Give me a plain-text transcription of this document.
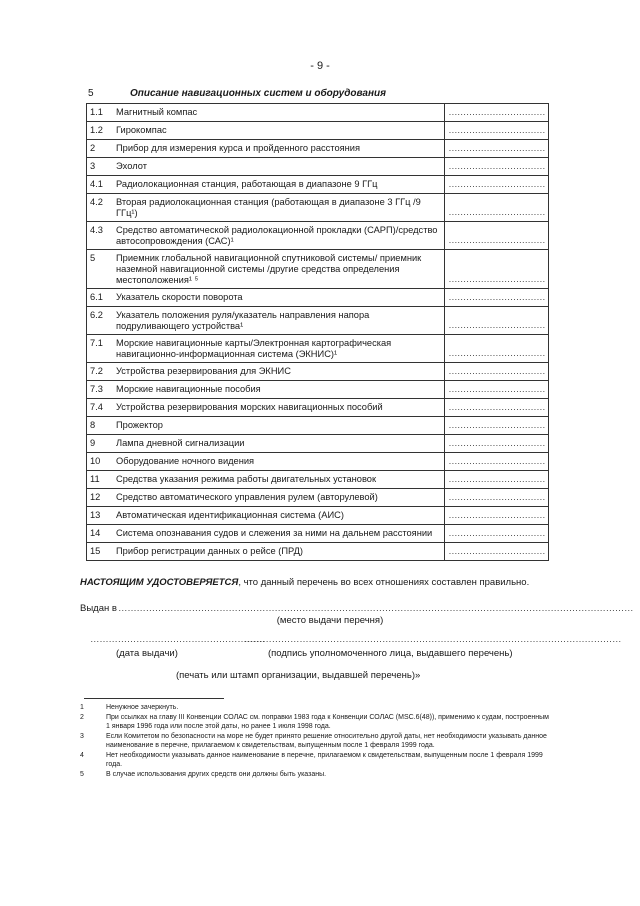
- 9 -
5	Описание навигационных систем и оборудования
1.1	Магнитный компас	……………………………
1.2	Гирокомпас	……………………………
2	Прибор для измерения курса и пройденного расстояния	……………………………
3	Эхолот	……………………………
4.1	Радиолокационная станция, работающая в диапазоне 9 ГГц	……………………………
4.2	Вторая радиолокационная станция (работающая в диапазоне 3 ГГц /9 ГГц¹)	……………………………
4.3	Средство автоматической радиолокационной прокладки (САРП)/средство автосопровождения (САС)¹	……………………………
5	Приемник глобальной навигационной спутниковой системы/ приемник наземной навигационной системы /другие средства определения местоположения¹ ⁵	……………………………
6.1	Указатель скорости поворота	……………………………
6.2	Указатель положения руля/указатель направления напора подруливающего устройства¹	……………………………
7.1	Морские навигационные карты/Электронная картографическая навигационно-информационная система (ЭКНИС)¹	……………………………
7.2	Устройства резервирования для ЭКНИС	……………………………
7.3	Морские навигационные пособия	……………………………
7.4	Устройства резервирования морских навигационных пособий	……………………………
8	Прожектор	……………………………
9	Лампа дневной сигнализации	……………………………
10	Оборудование ночного видения	……………………………
11	Средства указания режима работы двигательных установок	……………………………
12	Средство автоматического управления рулем (авторулевой)	……………………………
13	Автоматическая идентификационная система (АИС)	……………………………
14	Система опознавания судов и слежения за ними на дальнем расстоянии	……………………………
15	Прибор регистрации данных о рейсе (ПРД)	……………………………
НАСТОЯЩИМ УДОСТОВЕРЯЕТСЯ, что данный перечень во всех отношениях составлен правильно.
Выдан в ……………………………………………………………………………………………………………………………………………………
(место выдачи перечня)
…………………………………………………
……………………………………………………………………………………………………………
(дата выдачи)	(подпись уполномоченного лица, выдавшего перечень)
(печать или штамп организации, выдавшей перечень)»
1	Ненужное зачеркнуть.
2	При ссылках на главу III Конвенции СОЛАС см. поправки 1983 года к Конвенции СОЛАС (MSC.6(48)), применимо к судам, построенным 1 января 1996 года или после этой даты, но ранее 1 июля 1998 года.
3	Если Комитетом по безопасности на море не будет принято решение относительно другой даты, нет необходимости указывать данное наименование в перечне, прилагаемом к свидетельствам, выпущенным после 1 февраля 1999 года.
4	Нет необходимости указывать данное наименование в перечне, прилагаемом к свидетельствам, выпущенным после 1 февраля 1999 года.
5	В случае использования других средств они должны быть указаны.
